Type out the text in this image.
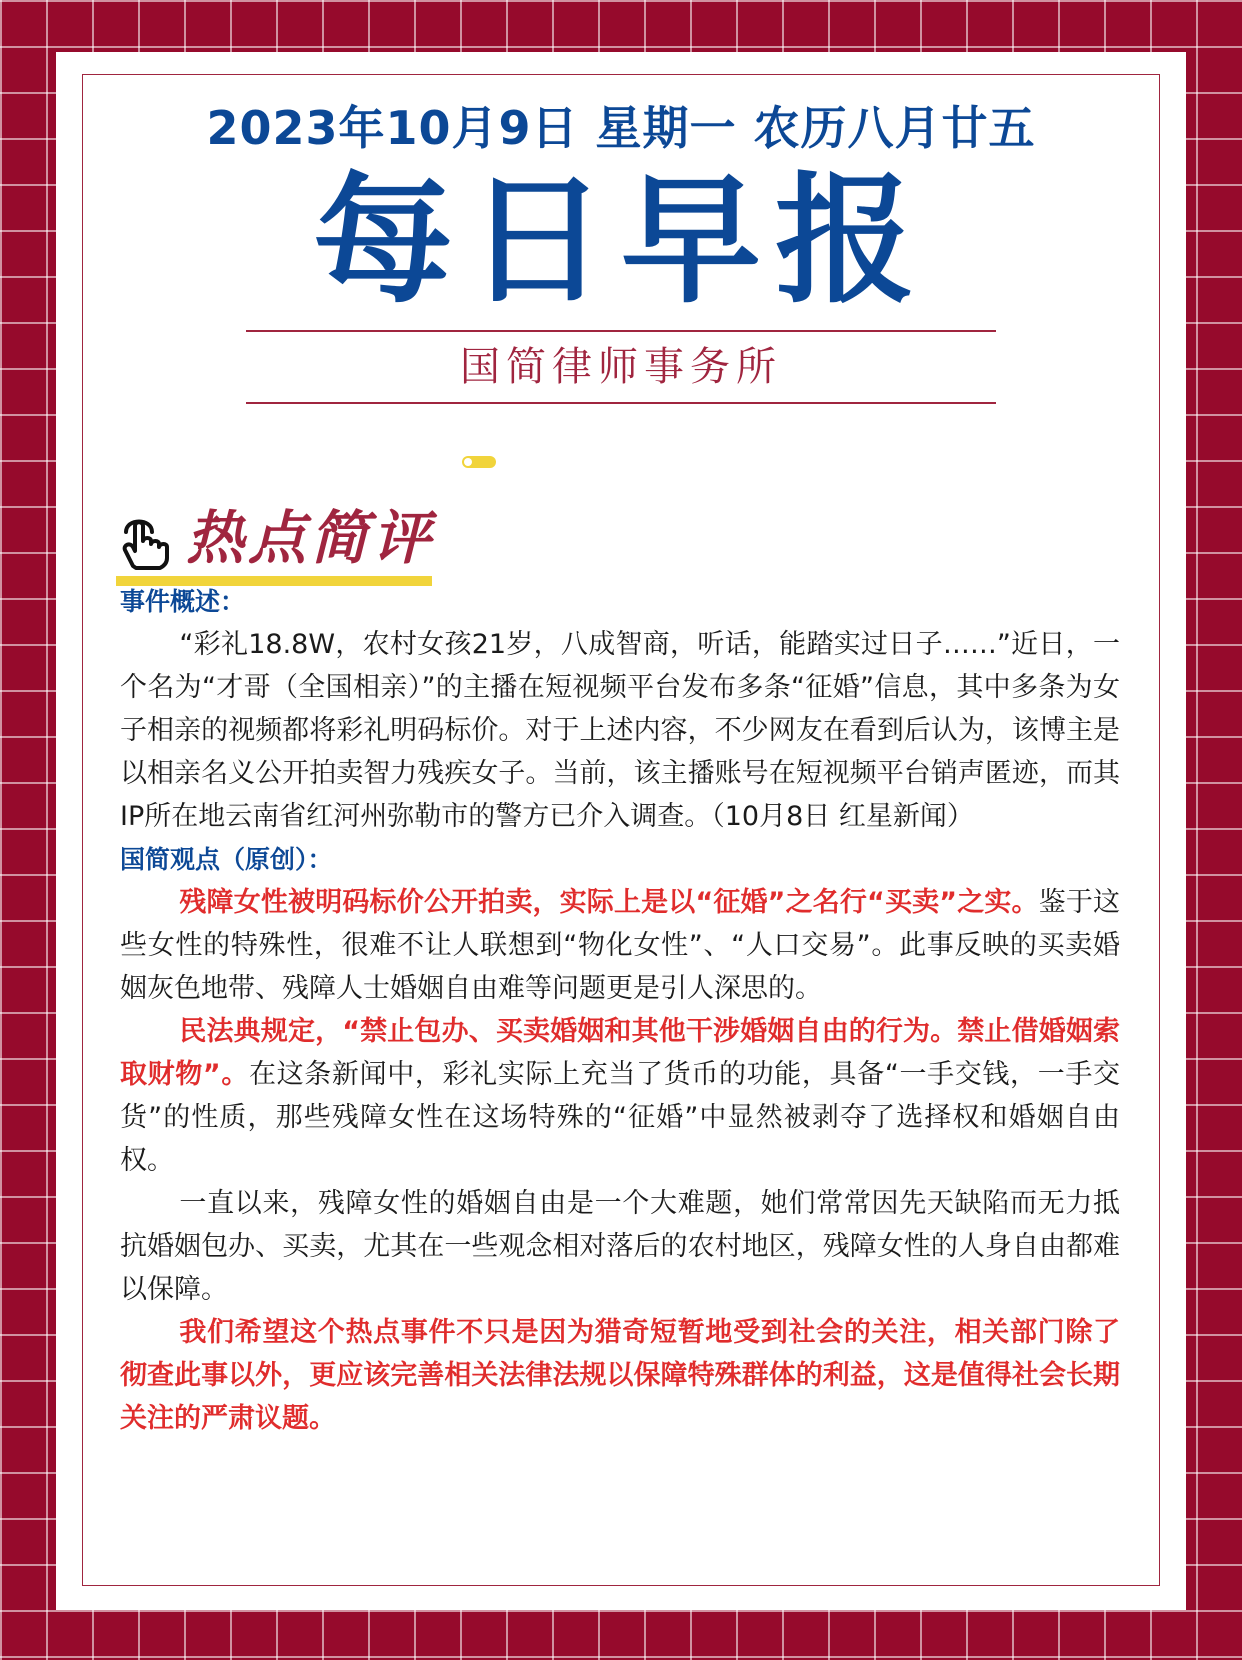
2023年10月9日 星期一 农历八月廿五
每日早报
国简律师事务所
热点简评

事件概述：

“彩礼18.8W，农村女孩21岁，八成智商，听话，能踏实过日子……”近日，一个名为“才哥（全国相亲）”的主播在短视频平台发布多条“征婚”信息，其中多条为女子相亲的视频都将彩礼明码标价。对于上述内容，不少网友在看到后认为，该博主是以相亲名义公开拍卖智力残疾女子。当前，该主播账号在短视频平台销声匿迹，而其IP所在地云南省红河州弥勒市的警方已介入调查。（10月8日 红星新闻）

国简观点（原创）：

残障女性被明码标价公开拍卖，实际上是以“征婚”之名行“买卖”之实。鉴于这些女性的特殊性，很难不让人联想到“物化女性”、“人口交易”。此事反映的买卖婚姻灰色地带、残障人士婚姻自由难等问题更是引人深思的。

民法典规定，“禁止包办、买卖婚姻和其他干涉婚姻自由的行为。禁止借婚姻索取财物”。在这条新闻中，彩礼实际上充当了货币的功能，具备“一手交钱，一手交货”的性质，那些残障女性在这场特殊的“征婚”中显然被剥夺了选择权和婚姻自由权。

一直以来，残障女性的婚姻自由是一个大难题，她们常常因先天缺陷而无力抵抗婚姻包办、买卖，尤其在一些观念相对落后的农村地区，残障女性的人身自由都难以保障。

我们希望这个热点事件不只是因为猎奇短暂地受到社会的关注，相关部门除了彻查此事以外，更应该完善相关法律法规以保障特殊群体的利益，这是值得社会长期关注的严肃议题。
